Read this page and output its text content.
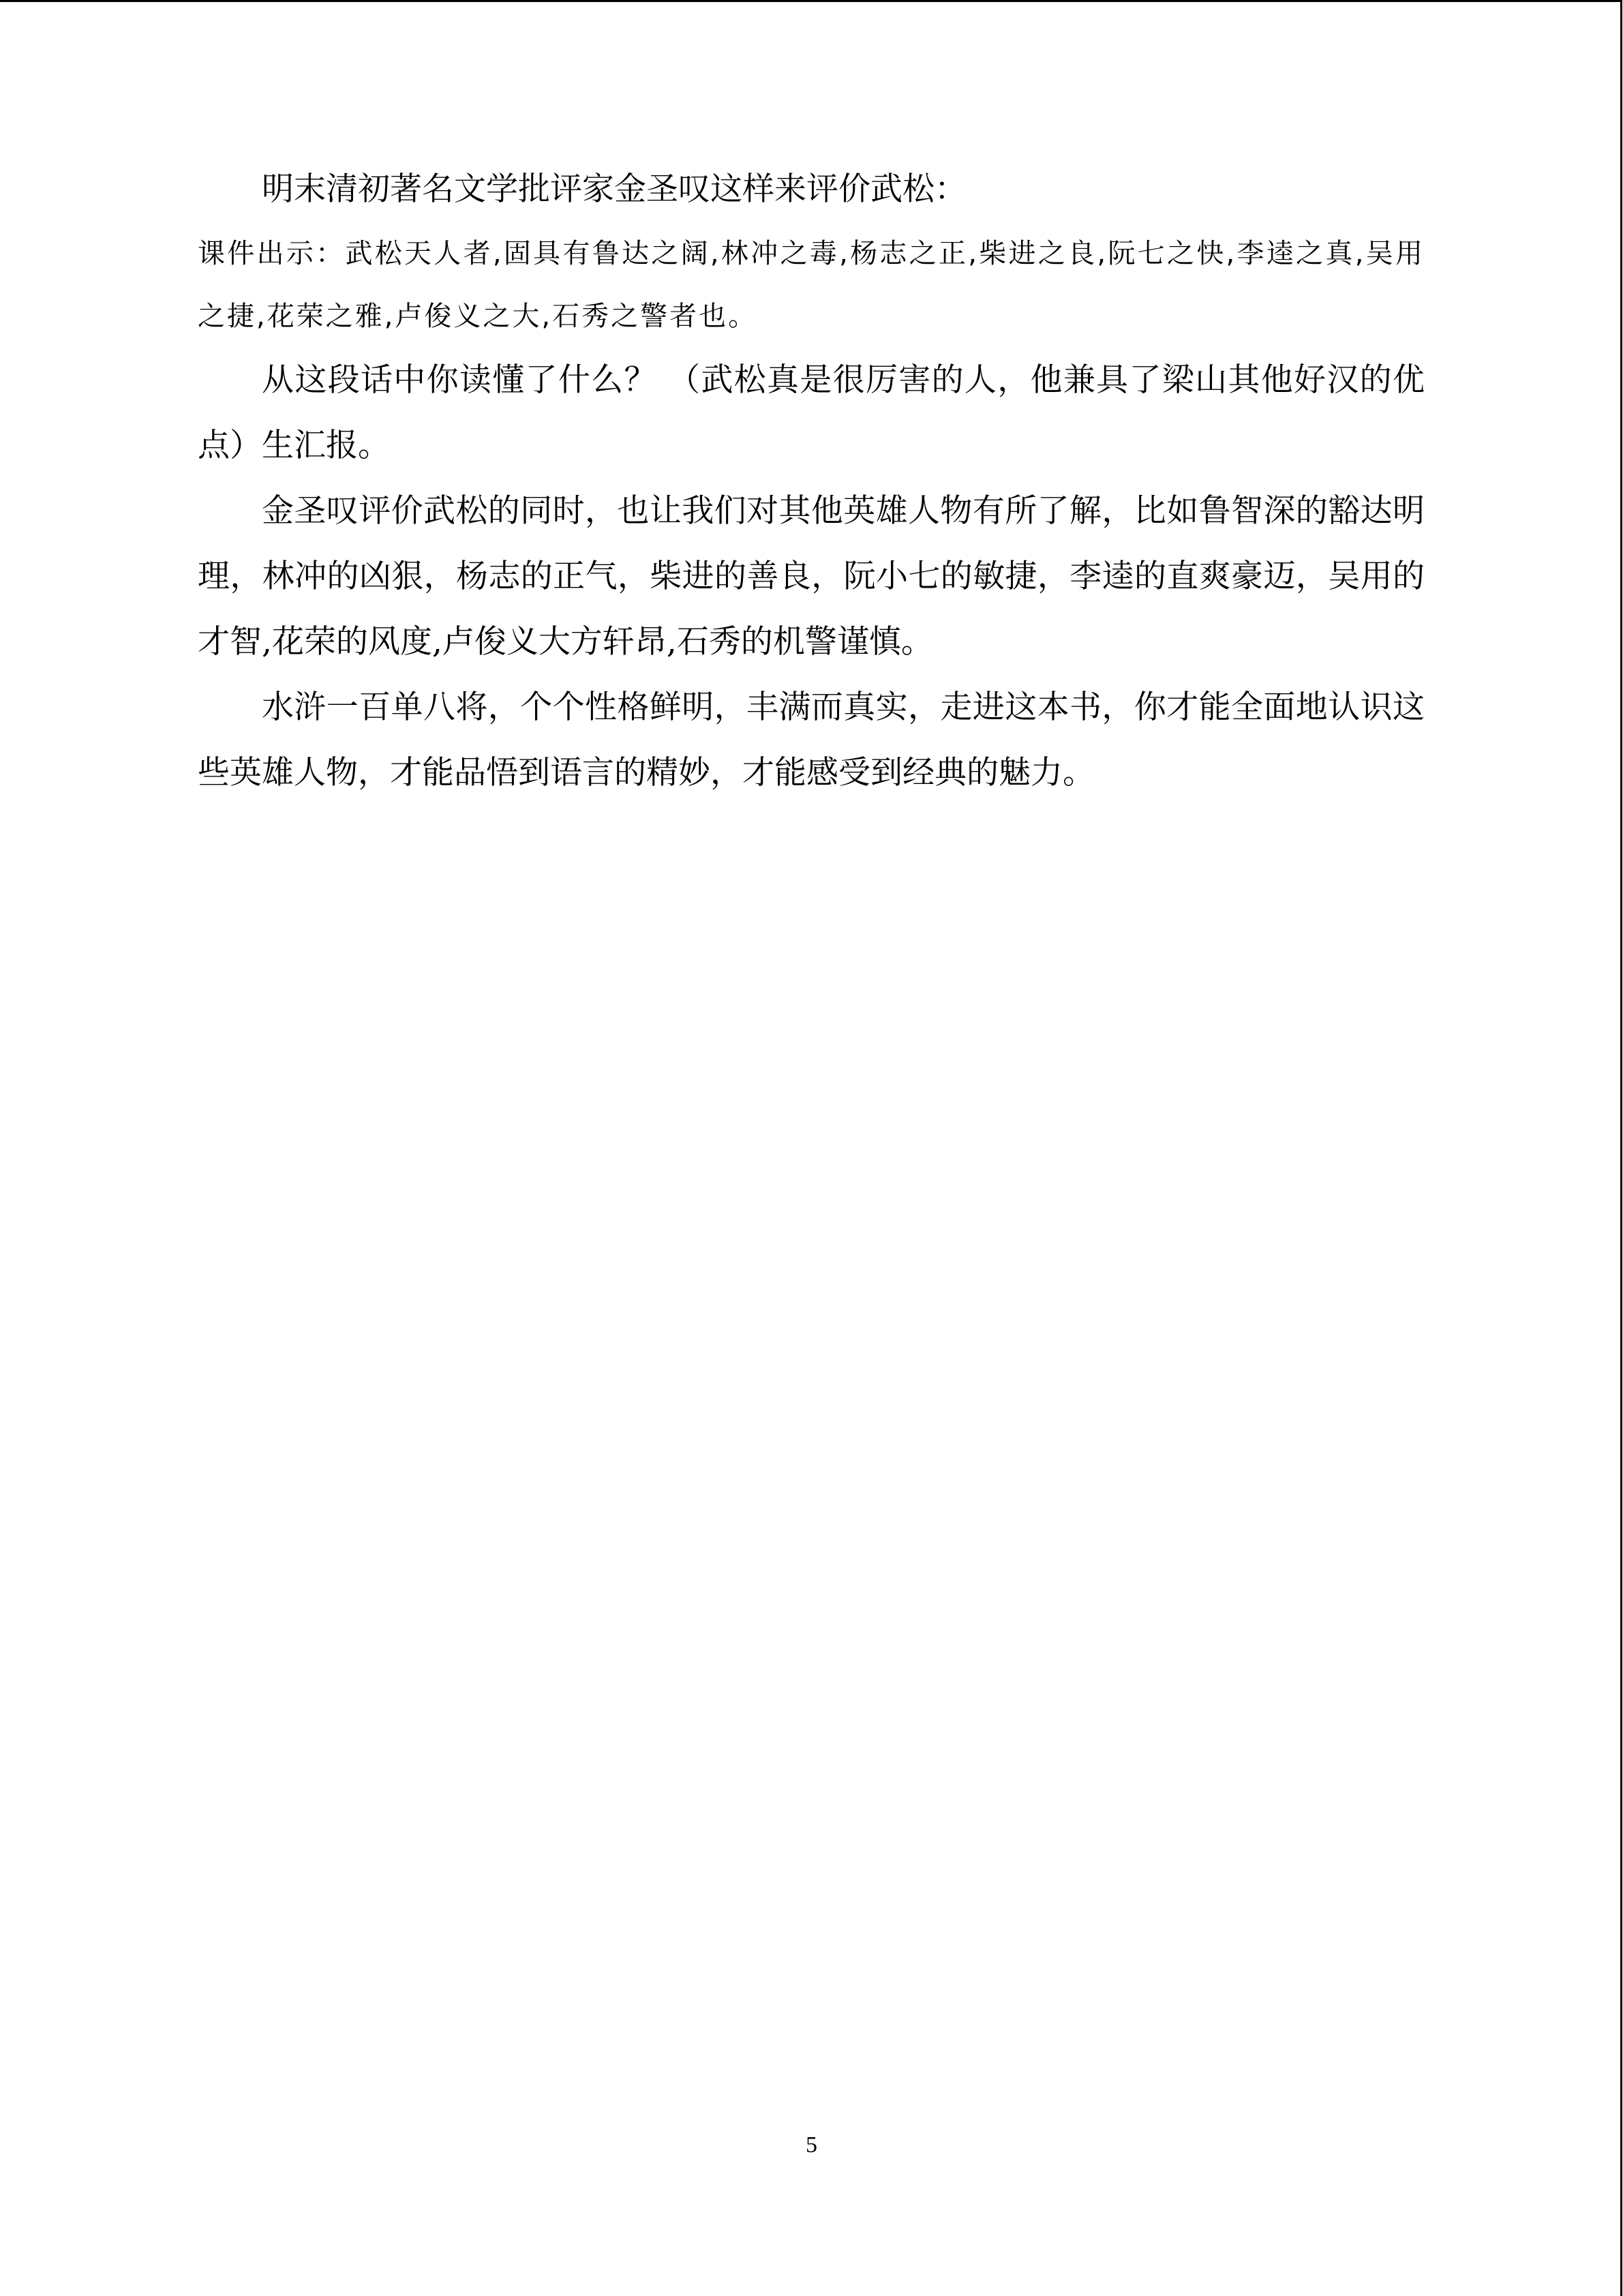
明末清初著名文学批评家金圣叹这样来评价武松：

课件出示：武松天人者,固具有鲁达之阔,林冲之毒,杨志之正,柴进之良,阮七之快,李逵之真,吴用之捷,花荣之雅,卢俊义之大,石秀之警者也。

从这段话中你读懂了什么？ （武松真是很厉害的人，他兼具了梁山其他好汉的优点）生汇报。

金圣叹评价武松的同时，也让我们对其他英雄人物有所了解，比如鲁智深的豁达明理，林冲的凶狠，杨志的正气，柴进的善良，阮小七的敏捷，李逵的直爽豪迈，吴用的才智,花荣的风度,卢俊义大方轩昂,石秀的机警谨慎。

水浒一百单八将，个个性格鲜明，丰满而真实，走进这本书，你才能全面地认识这些英雄人物，才能品悟到语言的精妙，才能感受到经典的魅力。

5
